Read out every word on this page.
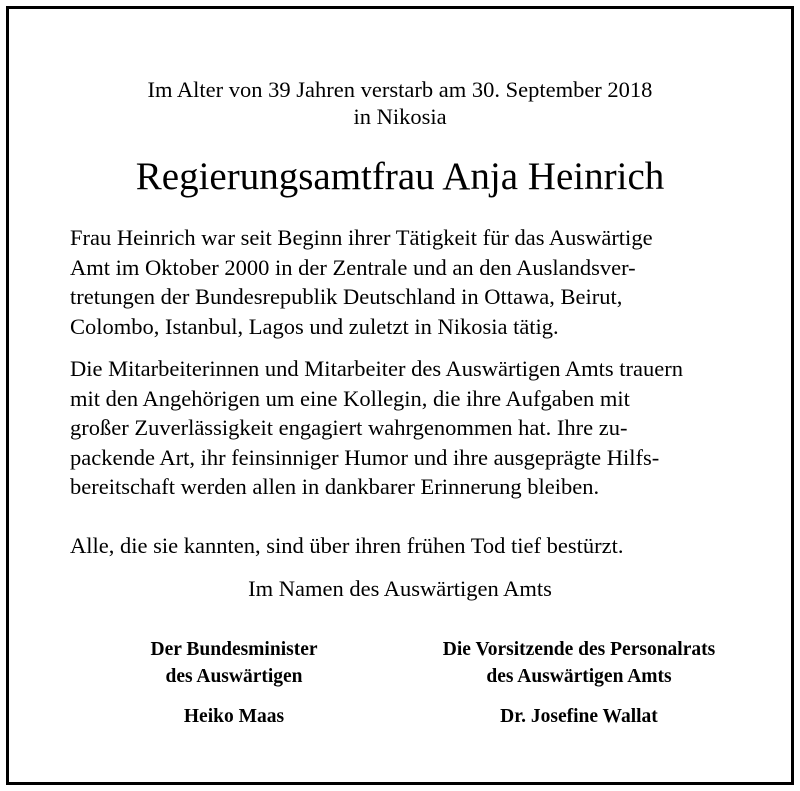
Im Alter von 39 Jahren verstarb am 30. September 2018
in Nikosia
Regierungsamtfrau Anja Heinrich
Frau Heinrich war seit Beginn ihrer Tätigkeit für das Auswärtige
Amt im Oktober 2000 in der Zentrale und an den Auslandsver-
tretungen der Bundesrepublik Deutschland in Ottawa, Beirut,
Colombo, Istanbul, Lagos und zuletzt in Nikosia tätig.
Die Mitarbeiterinnen und Mitarbeiter des Auswärtigen Amts trauern
mit den Angehörigen um eine Kollegin, die ihre Aufgaben mit
großer Zuverlässigkeit engagiert wahrgenommen hat. Ihre zu-
packende Art, ihr feinsinniger Humor und ihre ausgeprägte Hilfs-
bereitschaft werden allen in dankbarer Erinnerung bleiben.
Alle, die sie kannten, sind über ihren frühen Tod tief bestürzt.
Im Namen des Auswärtigen Amts
Der Bundesminister
des Auswärtigen
Heiko Maas
Die Vorsitzende des Personalrats
des Auswärtigen Amts
Dr. Josefine Wallat
